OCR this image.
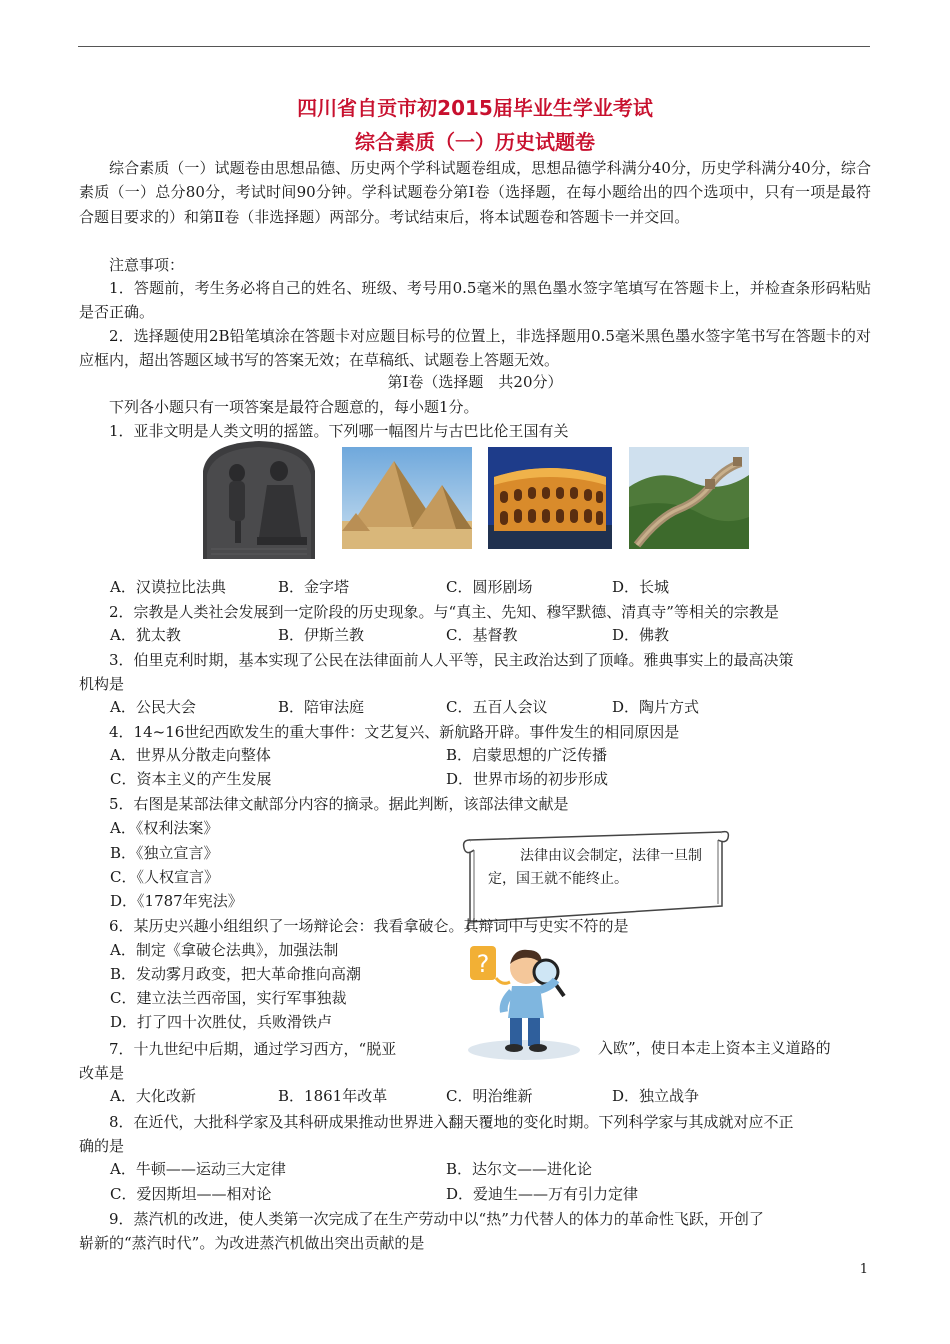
四川省自贡市初2015届毕业生学业考试
综合素质（一）历史试题卷
综合素质（一）试题卷由思想品德、历史两个学科试题卷组成，思想品德学科满分40分，历史学科满分40分，综合素质（一）总分80分，考试时间90分钟。学科试题卷分第Ⅰ卷（选择题，在每小题给出的四个选项中，只有一项是最符合题目要求的）和第Ⅱ卷（非选择题）两部分。考试结束后，将本试题卷和答题卡一并交回。
注意事项：
1．答题前，考生务必将自己的姓名、班级、考号用0.5毫米的黑色墨水签字笔填写在答题卡上，并检查条形码粘贴是否正确。
2．选择题使用2B铅笔填涂在答题卡对应题目标号的位置上，非选择题用0.5毫米黑色墨水签字笔书写在答题卡的对应框内，超出答题区域书写的答案无效；在草稿纸、试题卷上答题无效。
第Ⅰ卷（选择题　共20分）
下列各小题只有一项答案是最符合题意的，每小题1分。
1．亚非文明是人类文明的摇篮。下列哪一幅图片与古巴比伦王国有关
A．汉谟拉比法典	B．金字塔	C．圆形剧场	D．长城
2．宗教是人类社会发展到一定阶段的历史现象。与“真主、先知、穆罕默德、清真寺”等相关的宗教是
A．犹太教	B．伊斯兰教	C．基督教	D．佛教
3．伯里克利时期，基本实现了公民在法律面前人人平等，民主政治达到了顶峰。雅典事实上的最高决策
机构是
A．公民大会	B．陪审法庭	C．五百人会议	D．陶片方式
4．14~16世纪西欧发生的重大事件：文艺复兴、新航路开辟。事件发生的相同原因是
A．世界从分散走向整体	B．启蒙思想的广泛传播
C．资本主义的产生发展	D．世界市场的初步形成
5．右图是某部法律文献部分内容的摘录。据此判断，该部法律文献是
A．《权利法案》
B．《独立宣言》
C．《人权宣言》
D．《1787年宪法》
法律由议会制定，法律一旦制定，国王就不能终止。
6．某历史兴趣小组组织了一场辩论会：我看拿破仑。其辩词中与史实不符的是
A．制定《拿破仑法典》，加强法制
B．发动雾月政变，把大革命推向高潮
C．建立法兰西帝国，实行军事独裁
D．打了四十次胜仗，兵败滑铁卢
?
7．十九世纪中后期，通过学习西方，“脱亚	入欧”，使日本走上资本主义道路的
改革是
A．大化改新	B．1861年改革	C．明治维新	D．独立战争
8．在近代，大批科学家及其科研成果推动世界进入翻天覆地的变化时期。下列科学家与其成就对应不正
确的是
A．牛顿——运动三大定律	B．达尔文——进化论
C．爱因斯坦——相对论	D．爱迪生——万有引力定律
9．蒸汽机的改进，使人类第一次完成了在生产劳动中以“热”力代替人的体力的革命性飞跃，开创了
崭新的“蒸汽时代”。为改进蒸汽机做出突出贡献的是
1
